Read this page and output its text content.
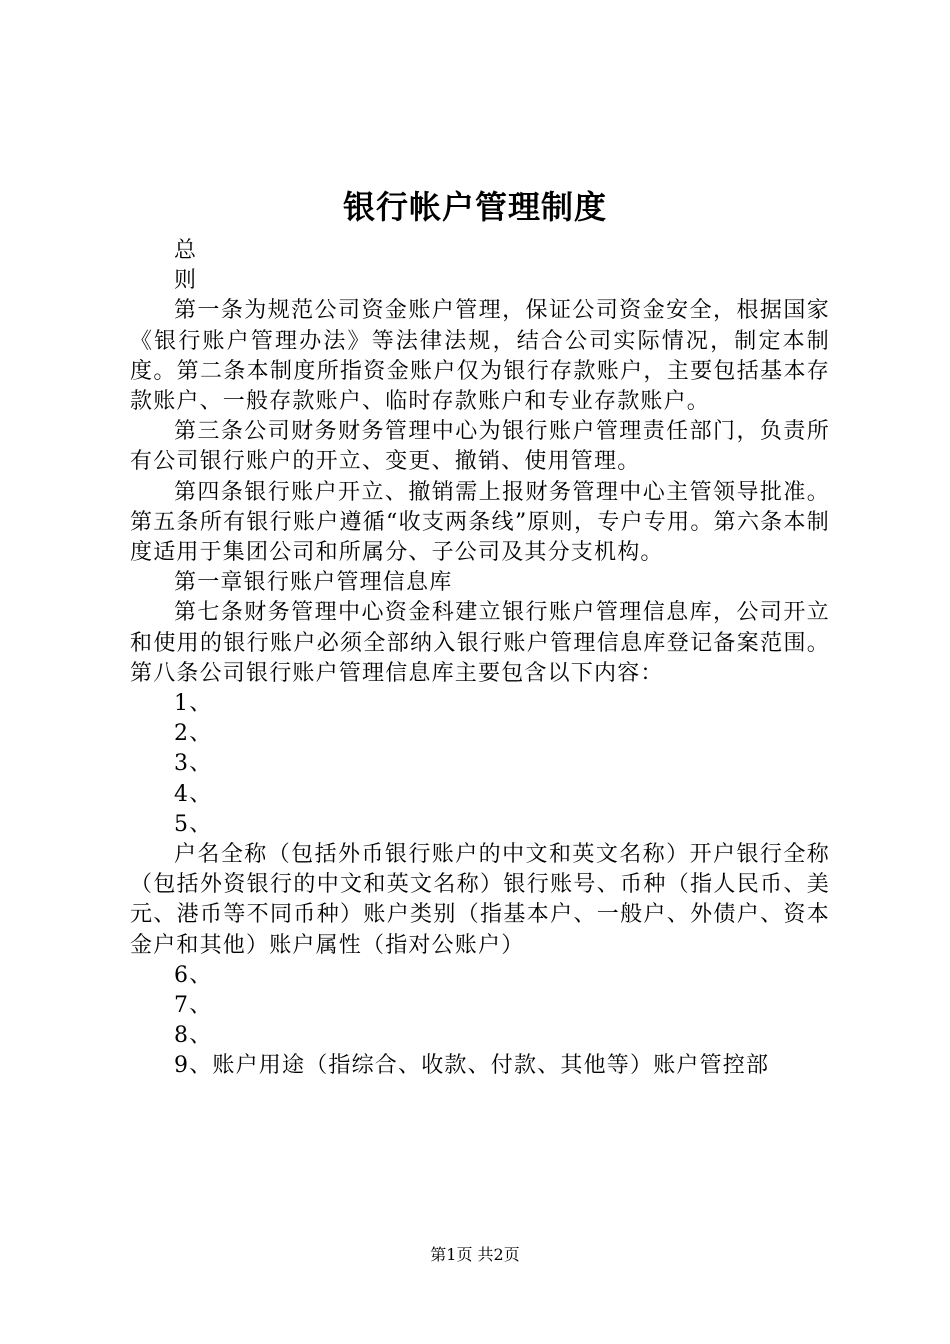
银行帐户管理制度

总

则

第一条为规范公司资金账户管理，保证公司资金安全，根据国家《银行账户管理办法》等法律法规，结合公司实际情况，制定本制度。第二条本制度所指资金账户仅为银行存款账户，主要包括基本存款账户、一般存款账户、临时存款账户和专业存款账户。

第三条公司财务财务管理中心为银行账户管理责任部门，负责所有公司银行账户的开立、变更、撤销、使用管理。

第四条银行账户开立、撤销需上报财务管理中心主管领导批准。第五条所有银行账户遵循“收支两条线”原则，专户专用。第六条本制度适用于集团公司和所属分、子公司及其分支机构。

第一章银行账户管理信息库

第七条财务管理中心资金科建立银行账户管理信息库，公司开立和使用的银行账户必须全部纳入银行账户管理信息库登记备案范围。第八条公司银行账户管理信息库主要包含以下内容：

1、

2、

3、

4、

5、

户名全称（包括外币银行账户的中文和英文名称）开户银行全称（包括外资银行的中文和英文名称）银行账号、币种（指人民币、美元、港币等不同币种）账户类别（指基本户、一般户、外债户、资本金户和其他）账户属性（指对公账户）

6、

7、

8、

9、账户用途（指综合、收款、付款、其他等）账户管控部

第1页 共2页
